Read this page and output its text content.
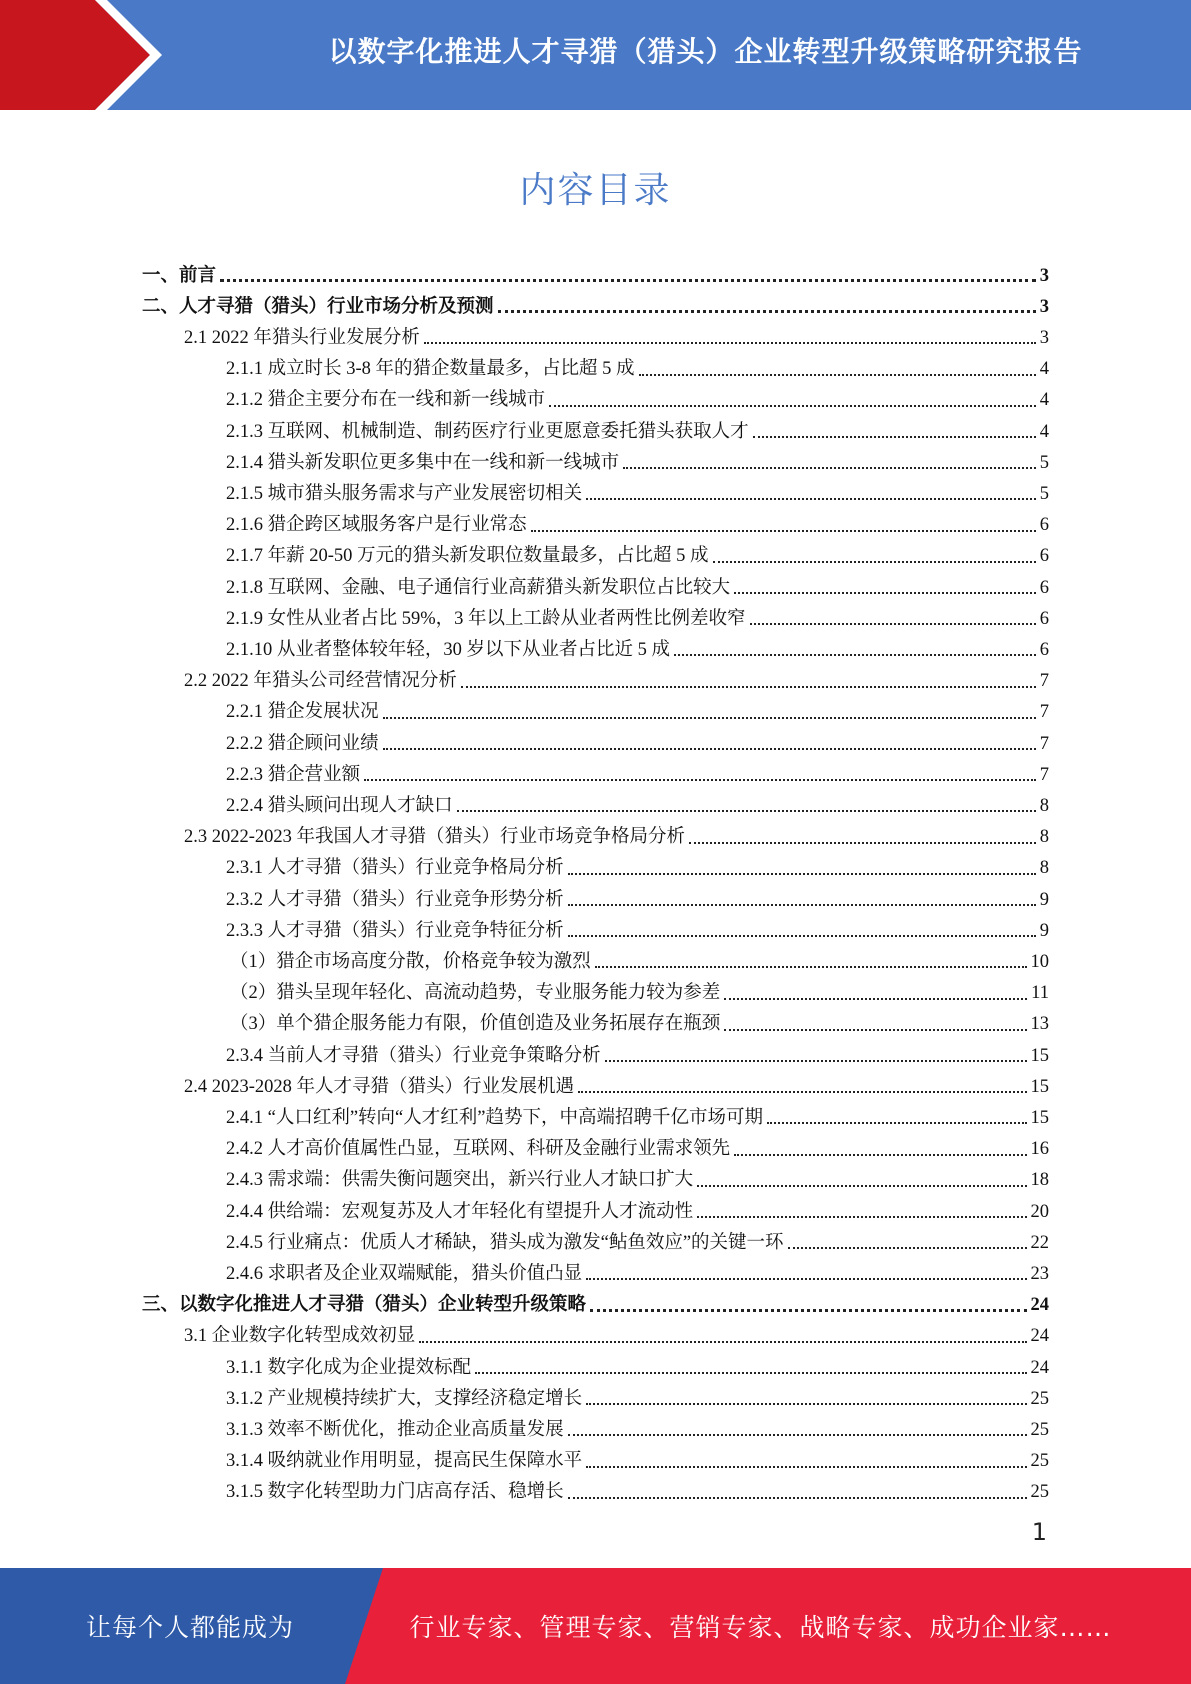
以数字化推进人才寻猎（猎头）企业转型升级策略研究报告
内容目录
一、前言	3
二、人才寻猎（猎头）行业市场分析及预测	3
2.1 2022 年猎头行业发展分析	3
2.1.1 成立时长 3-8 年的猎企数量最多，占比超 5 成	4
2.1.2 猎企主要分布在一线和新一线城市	4
2.1.3 互联网、机械制造、制药医疗行业更愿意委托猎头获取人才	4
2.1.4 猎头新发职位更多集中在一线和新一线城市	5
2.1.5 城市猎头服务需求与产业发展密切相关	5
2.1.6 猎企跨区域服务客户是行业常态	6
2.1.7 年薪 20-50 万元的猎头新发职位数量最多，占比超 5 成	6
2.1.8 互联网、金融、电子通信行业高薪猎头新发职位占比较大	6
2.1.9 女性从业者占比 59%，3 年以上工龄从业者两性比例差收窄	6
2.1.10 从业者整体较年轻，30 岁以下从业者占比近 5 成	6
2.2 2022 年猎头公司经营情况分析	7
2.2.1 猎企发展状况	7
2.2.2 猎企顾问业绩	7
2.2.3 猎企营业额	7
2.2.4 猎头顾问出现人才缺口	8
2.3 2022-2023 年我国人才寻猎（猎头）行业市场竞争格局分析	8
2.3.1 人才寻猎（猎头）行业竞争格局分析	8
2.3.2 人才寻猎（猎头）行业竞争形势分析	9
2.3.3 人才寻猎（猎头）行业竞争特征分析	9
（1）猎企市场高度分散，价格竞争较为激烈	10
（2）猎头呈现年轻化、高流动趋势，专业服务能力较为参差	11
（3）单个猎企服务能力有限，价值创造及业务拓展存在瓶颈	13
2.3.4 当前人才寻猎（猎头）行业竞争策略分析	15
2.4 2023-2028 年人才寻猎（猎头）行业发展机遇	15
2.4.1 “人口红利”转向“人才红利”趋势下，中高端招聘千亿市场可期	15
2.4.2 人才高价值属性凸显，互联网、科研及金融行业需求领先	16
2.4.3 需求端：供需失衡问题突出，新兴行业人才缺口扩大	18
2.4.4 供给端：宏观复苏及人才年轻化有望提升人才流动性	20
2.4.5 行业痛点：优质人才稀缺，猎头成为激发“鲇鱼效应”的关键一环	22
2.4.6 求职者及企业双端赋能，猎头价值凸显	23
三、以数字化推进人才寻猎（猎头）企业转型升级策略	24
3.1 企业数字化转型成效初显	24
3.1.1 数字化成为企业提效标配	24
3.1.2 产业规模持续扩大，支撑经济稳定增长	25
3.1.3 效率不断优化，推动企业高质量发展	25
3.1.4 吸纳就业作用明显，提高民生保障水平	25
3.1.5 数字化转型助力门店高存活、稳增长	25
1
让每个人都能成为	行业专家、管理专家、营销专家、战略专家、成功企业家……
